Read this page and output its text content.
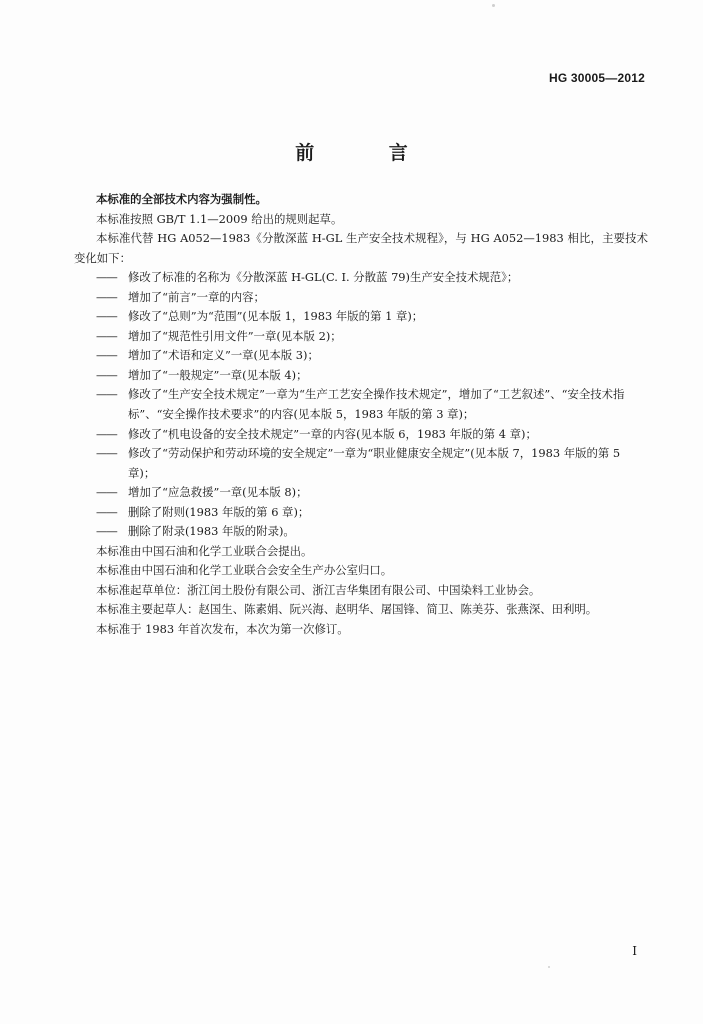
HG 30005—2012
前 言

本标准的全部技术内容为强制性。

本标准按照 GB/T 1.1—2009 给出的规则起草。

本标准代替 HG A052—1983《分散深蓝 H-GL 生产安全技术规程》，与 HG A052—1983 相比，主要技术变化如下：

—— 修改了标准的名称为《分散深蓝 H-GL(C. I. 分散蓝 79)生产安全技术规范》；

—— 增加了“前言”一章的内容；

—— 修改了“总则”为“范围”(见本版 1，1983 年版的第 1 章)；

—— 增加了“规范性引用文件”一章(见本版 2)；

—— 增加了“术语和定义”一章(见本版 3)；

—— 增加了“一般规定”一章(见本版 4)；

—— 修改了“生产安全技术规定”一章为“生产工艺安全操作技术规定”，增加了“工艺叙述”、“安全技术指标”、“安全操作技术要求”的内容(见本版 5，1983 年版的第 3 章)；

—— 修改了“机电设备的安全技术规定”一章的内容(见本版 6，1983 年版的第 4 章)；

—— 修改了“劳动保护和劳动环境的安全规定”一章为“职业健康安全规定”(见本版 7，1983 年版的第 5 章)；

—— 增加了“应急救援”一章(见本版 8)；

—— 删除了附则(1983 年版的第 6 章)；

—— 删除了附录(1983 年版的附录)。

本标准由中国石油和化学工业联合会提出。

本标准由中国石油和化学工业联合会安全生产办公室归口。

本标准起草单位：浙江闰土股份有限公司、浙江吉华集团有限公司、中国染料工业协会。

本标准主要起草人：赵国生、陈素娟、阮兴海、赵明华、屠国锋、简卫、陈美芬、张燕深、田利明。

本标准于 1983 年首次发布，本次为第一次修订。

I
